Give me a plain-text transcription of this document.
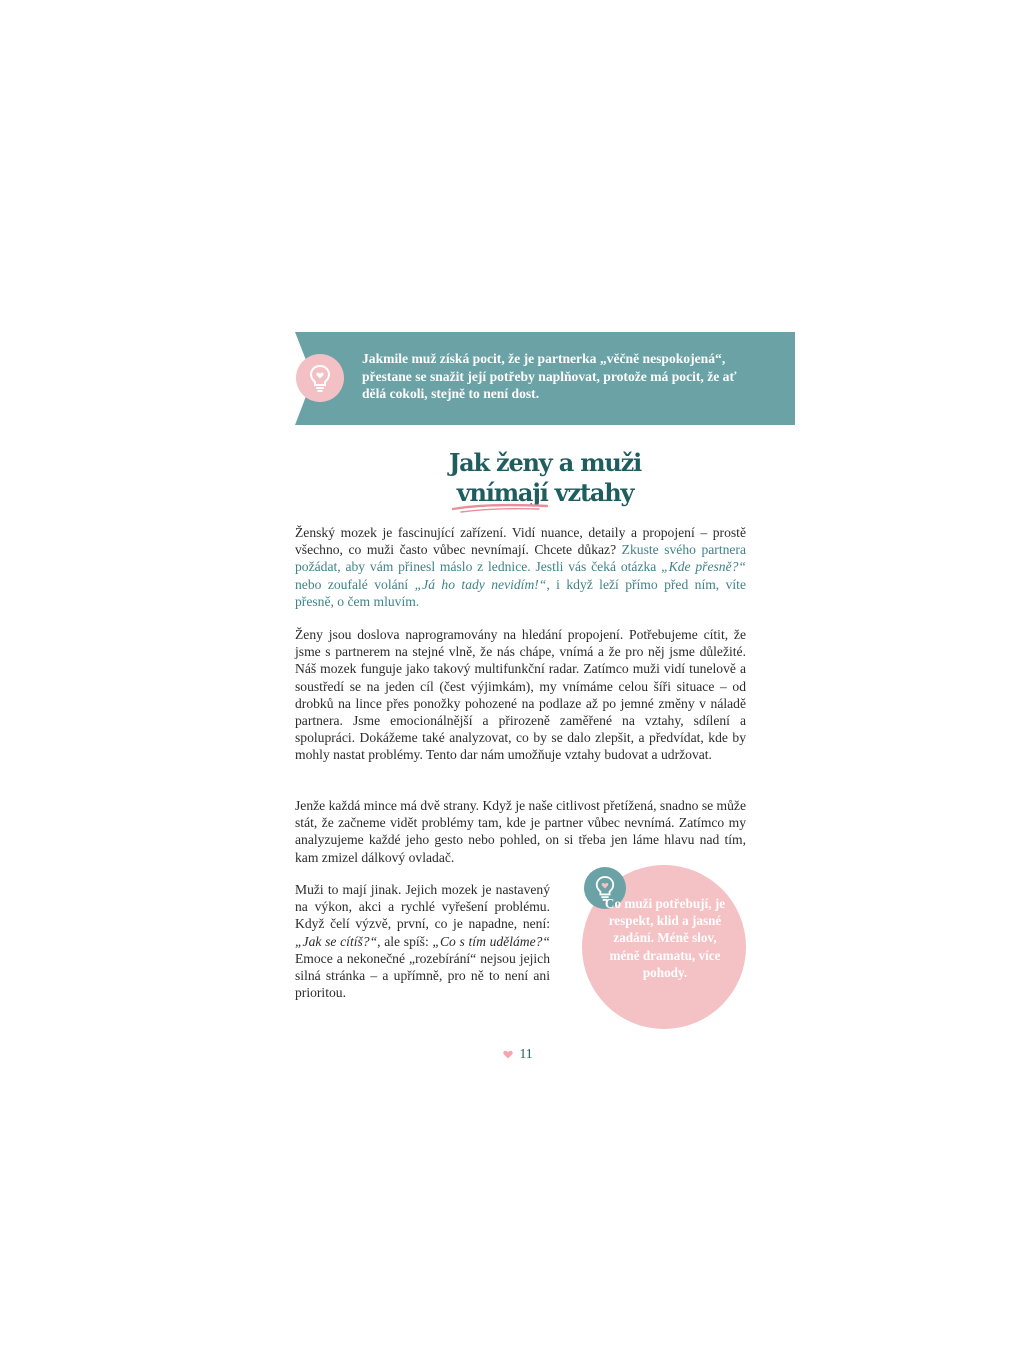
Jakmile muž získá pocit, že je partnerka „věčně nespokojená“, přestane se snažit její potřeby naplňovat, protože má pocit, že ať dělá cokoli, stejně to není dost.
Jak ženy a muži
vnímají vztahy
Ženský mozek je fascinující zařízení. Vidí nuance, detaily a propojení – prostě všechno, co muži často vůbec nevnímají. Chcete důkaz? Zkuste svého partnera požádat, aby vám přinesl máslo z lednice. Jestli vás čeká otázka „Kde přesně?“ nebo zoufalé volání „Já ho tady nevidím!“, i když leží přímo před ním, víte přesně, o čem mluvím.
Ženy jsou doslova naprogramovány na hledání propojení. Potřebujeme cítit, že jsme s partnerem na stejné vlně, že nás chápe, vnímá a že pro něj jsme důležité. Náš mozek funguje jako takový multifunkční radar. Zatímco muži vidí tunelově a soustředí se na jeden cíl (čest výjimkám), my vnímáme celou šíři situace – od drobků na lince přes ponožky pohozené na podlaze až po jemné změny v náladě partnera. Jsme emocionálnější a přirozeně zaměřené na vztahy, sdílení a spolupráci. Dokážeme také analyzovat, co by se dalo zlepšit, a předvídat, kde by mohly nastat problémy. Tento dar nám umožňuje vztahy budovat a udržovat.
Jenže každá mince má dvě strany. Když je naše citlivost přetížená, snadno se může stát, že začneme vidět problémy tam, kde je partner vůbec nevnímá. Zatímco my analyzujeme každé jeho gesto nebo pohled, on si třeba jen láme hlavu nad tím, kam zmizel dálkový ovladač.
Muži to mají jinak. Jejich mozek je nastavený na výkon, akci a rychlé vyřešení problému. Když čelí výzvě, první, co je napadne, není: „Jak se cítíš?“, ale spíš: „Co s tím uděláme?“ Emoce a nekonečné „rozebírání“ nejsou jejich silná stránka – a upřímně, pro ně to není ani prioritou.
Co muži potřebují, je respekt, klid a jasné zadání. Méně slov, méně dramatu, více pohody.
11
